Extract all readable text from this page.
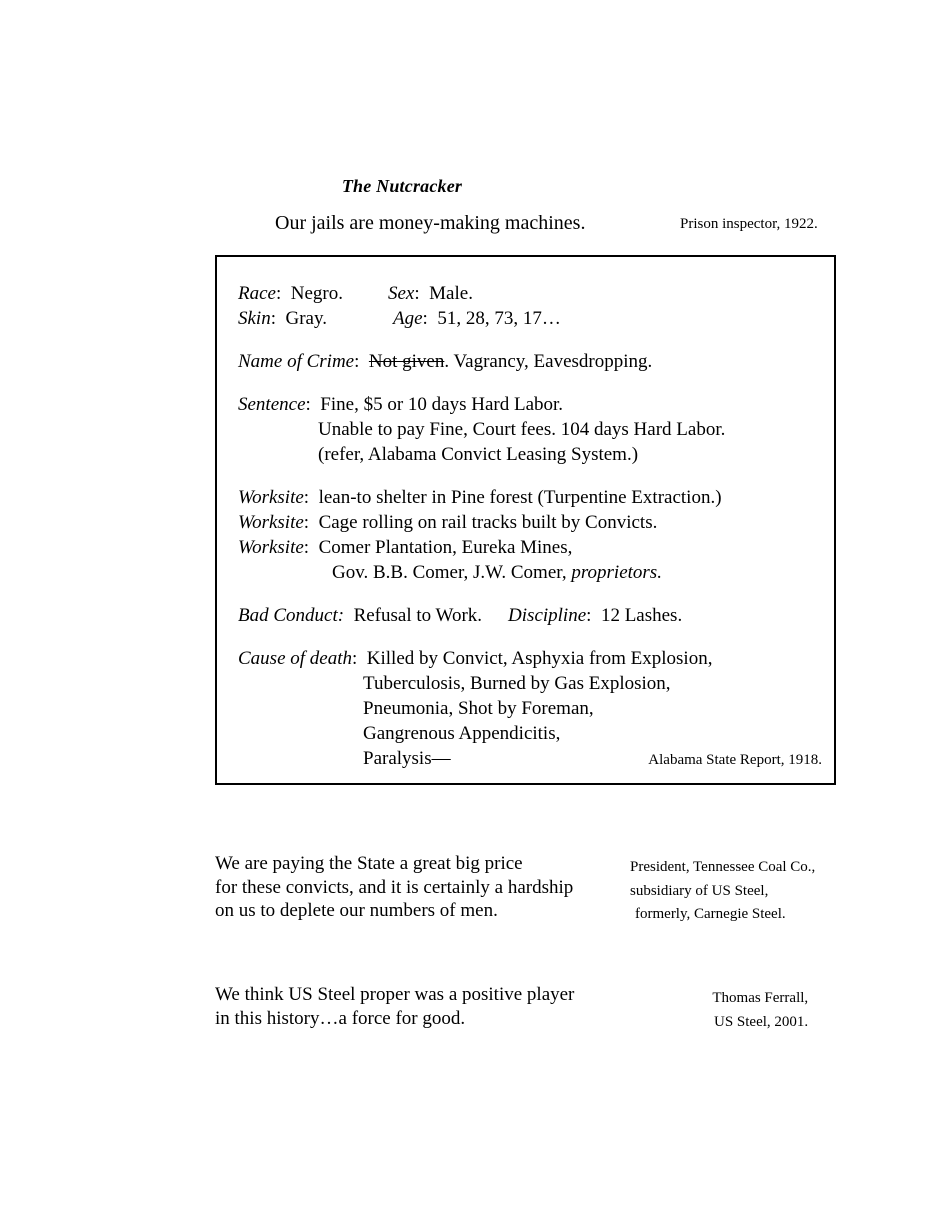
The Nutcracker
Our jails are money-making machines.	Prison inspector, 1922.
Race:  Negro. Sex:  Male.
Skin:  Gray.	Age:  51, 28, 73, 17…
Name of Crime:  Not given. Vagrancy, Eavesdropping.
Sentence:  Fine, $5 or 10 days Hard Labor.
Unable to pay Fine, Court fees. 104 days Hard Labor.
(refer, Alabama Convict Leasing System.)
Worksite:  lean-to shelter in Pine forest (Turpentine Extraction.)
Worksite:  Cage rolling on rail tracks built by Convicts.
Worksite:  Comer Plantation, Eureka Mines,
Gov. B.B. Comer, J.W. Comer, proprietors.
Bad Conduct: Refusal to Work. Discipline:  12 Lashes.
Cause of death:  Killed by Convict, Asphyxia from Explosion,
Tuberculosis, Burned by Gas Explosion,
Pneumonia, Shot by Foreman,
Gangrenous Appendicitis,
Paralysis—	Alabama State Report, 1918.
We are paying the State a great big price
for these convicts, and it is certainly a hardship
on us to deplete our numbers of men.
President, Tennessee Coal Co.,
subsidiary of US Steel,
formerly, Carnegie Steel.
We think US Steel proper was a positive player
in this history…a force for good.
Thomas Ferrall,
US Steel, 2001.
